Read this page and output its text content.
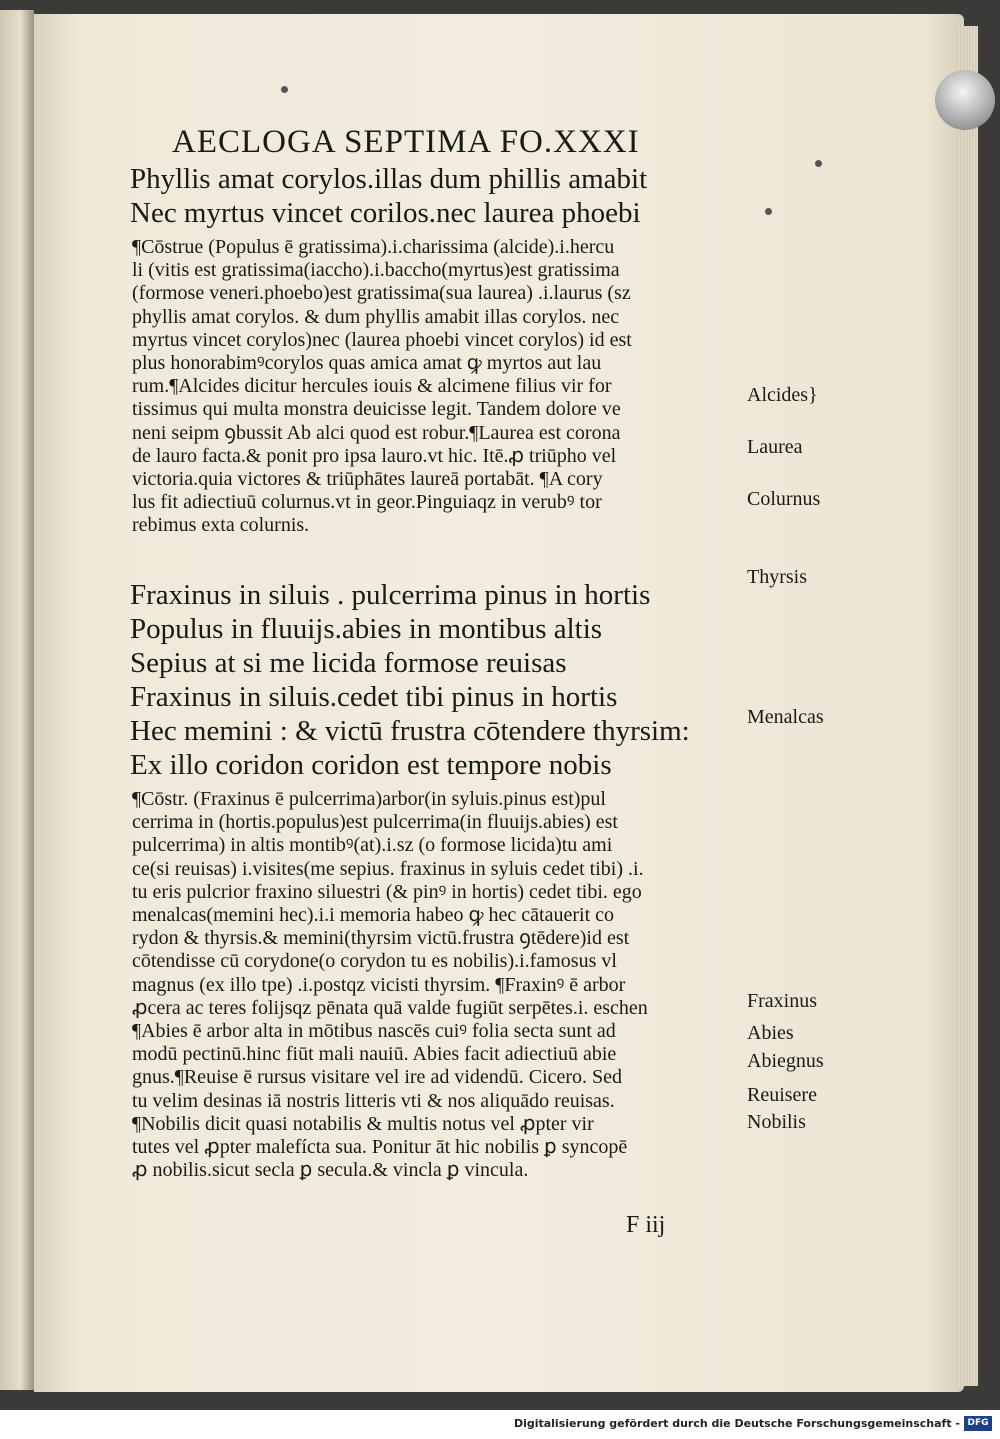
AECLOGA SEPTIMA FO.XXXI
Phyllis amat corylos.illas dum phillis amabit
Nec myrtus vincet corilos.nec laurea phoebi
¶Cōstrue (Populus ē gratissima).i.charissima (alcide).i.hercu
li (vitis est gratissima(iaccho).i.baccho(myrtus)est gratissima
(formose veneri.phoebo)est gratissima(sua laurea) .i.laurus (sz
phyllis amat corylos. & dum phyllis amabit illas corylos. nec
myrtus vincet corylos)nec (laurea phoebi vincet corylos) id est
plus honorabimꝰcorylos quas amica amat ꝙ myrtos aut lau
rum.¶Alcides dicitur hercules iouis & alcimene filius vir for
tissimus qui multa monstra deuicisse legit. Tandem dolore ve
neni seipm ꝯbussit Ab alci quod est robur.¶Laurea est corona
de lauro facta.& ponit pro ipsa lauro.vt hic. Itē.ꝓ triūpho vel
victoria.quia victores & triūphātes laureā portabāt. ¶A cory
lus fit adiectiuū colurnus.vt in geor.Pinguiaqz in verubꝰ tor
rebimus exta colurnis.
Fraxinus in siluis . pulcerrima pinus in hortis
Populus in fluuijs.abies in montibus altis
Sepius at si me licida formose reuisas
Fraxinus in siluis.cedet tibi pinus in hortis
Hec memini : & victū frustra cōtendere thyrsim:
Ex illo coridon coridon est tempore nobis
¶Cōstr. (Fraxinus ē pulcerrima)arbor(in syluis.pinus est)pul
cerrima in (hortis.populus)est pulcerrima(in fluuijs.abies) est
pulcerrima) in altis montibꝰ(at).i.sz (o formose licida)tu ami
ce(si reuisas) i.visites(me sepius. fraxinus in syluis cedet tibi) .i.
tu eris pulcrior fraxino siluestri (& pinꝰ in hortis) cedet tibi. ego
menalcas(memini hec).i.i memoria habeo ꝙ hec cātauerit co
rydon & thyrsis.& memini(thyrsim victū.frustra ꝯtēdere)id est
cōtendisse cū corydone(o corydon tu es nobilis).i.famosus vl
magnus (ex illo tpe) .i.postqz vicisti thyrsim. ¶Fraxinꝰ ē arbor
ꝓcera ac teres folijsqz pēnata quā valde fugiūt serpētes.i. eschen
¶Abies ē arbor alta in mōtibus nascēs cuiꝰ folia secta sunt ad
modū pectinū.hinc fiūt mali nauiū. Abies facit adiectiuū abie
gnus.¶Reuise ē rursus visitare vel ire ad videndū. Cicero. Sed
tu velim desinas iā nostris litteris vti & nos aliquādo reuisas.
¶Nobilis dicit quasi notabilis & multis notus vel ꝓpter vir
tutes vel ꝓpter malefícta sua. Ponitur āt hic nobilis ꝑ syncopē
ꝓ nobilis.sicut secla ꝑ secula.& vincla ꝑ vincula.
Alcides}
Laurea
Colurnus
Thyrsis
Menalcas
Fraxinus
Abies
Abiegnus
Reuisere
Nobilis
F iij
Digitalisierung gefördert durch die Deutsche Forschungsgemeinschaft - DFG
